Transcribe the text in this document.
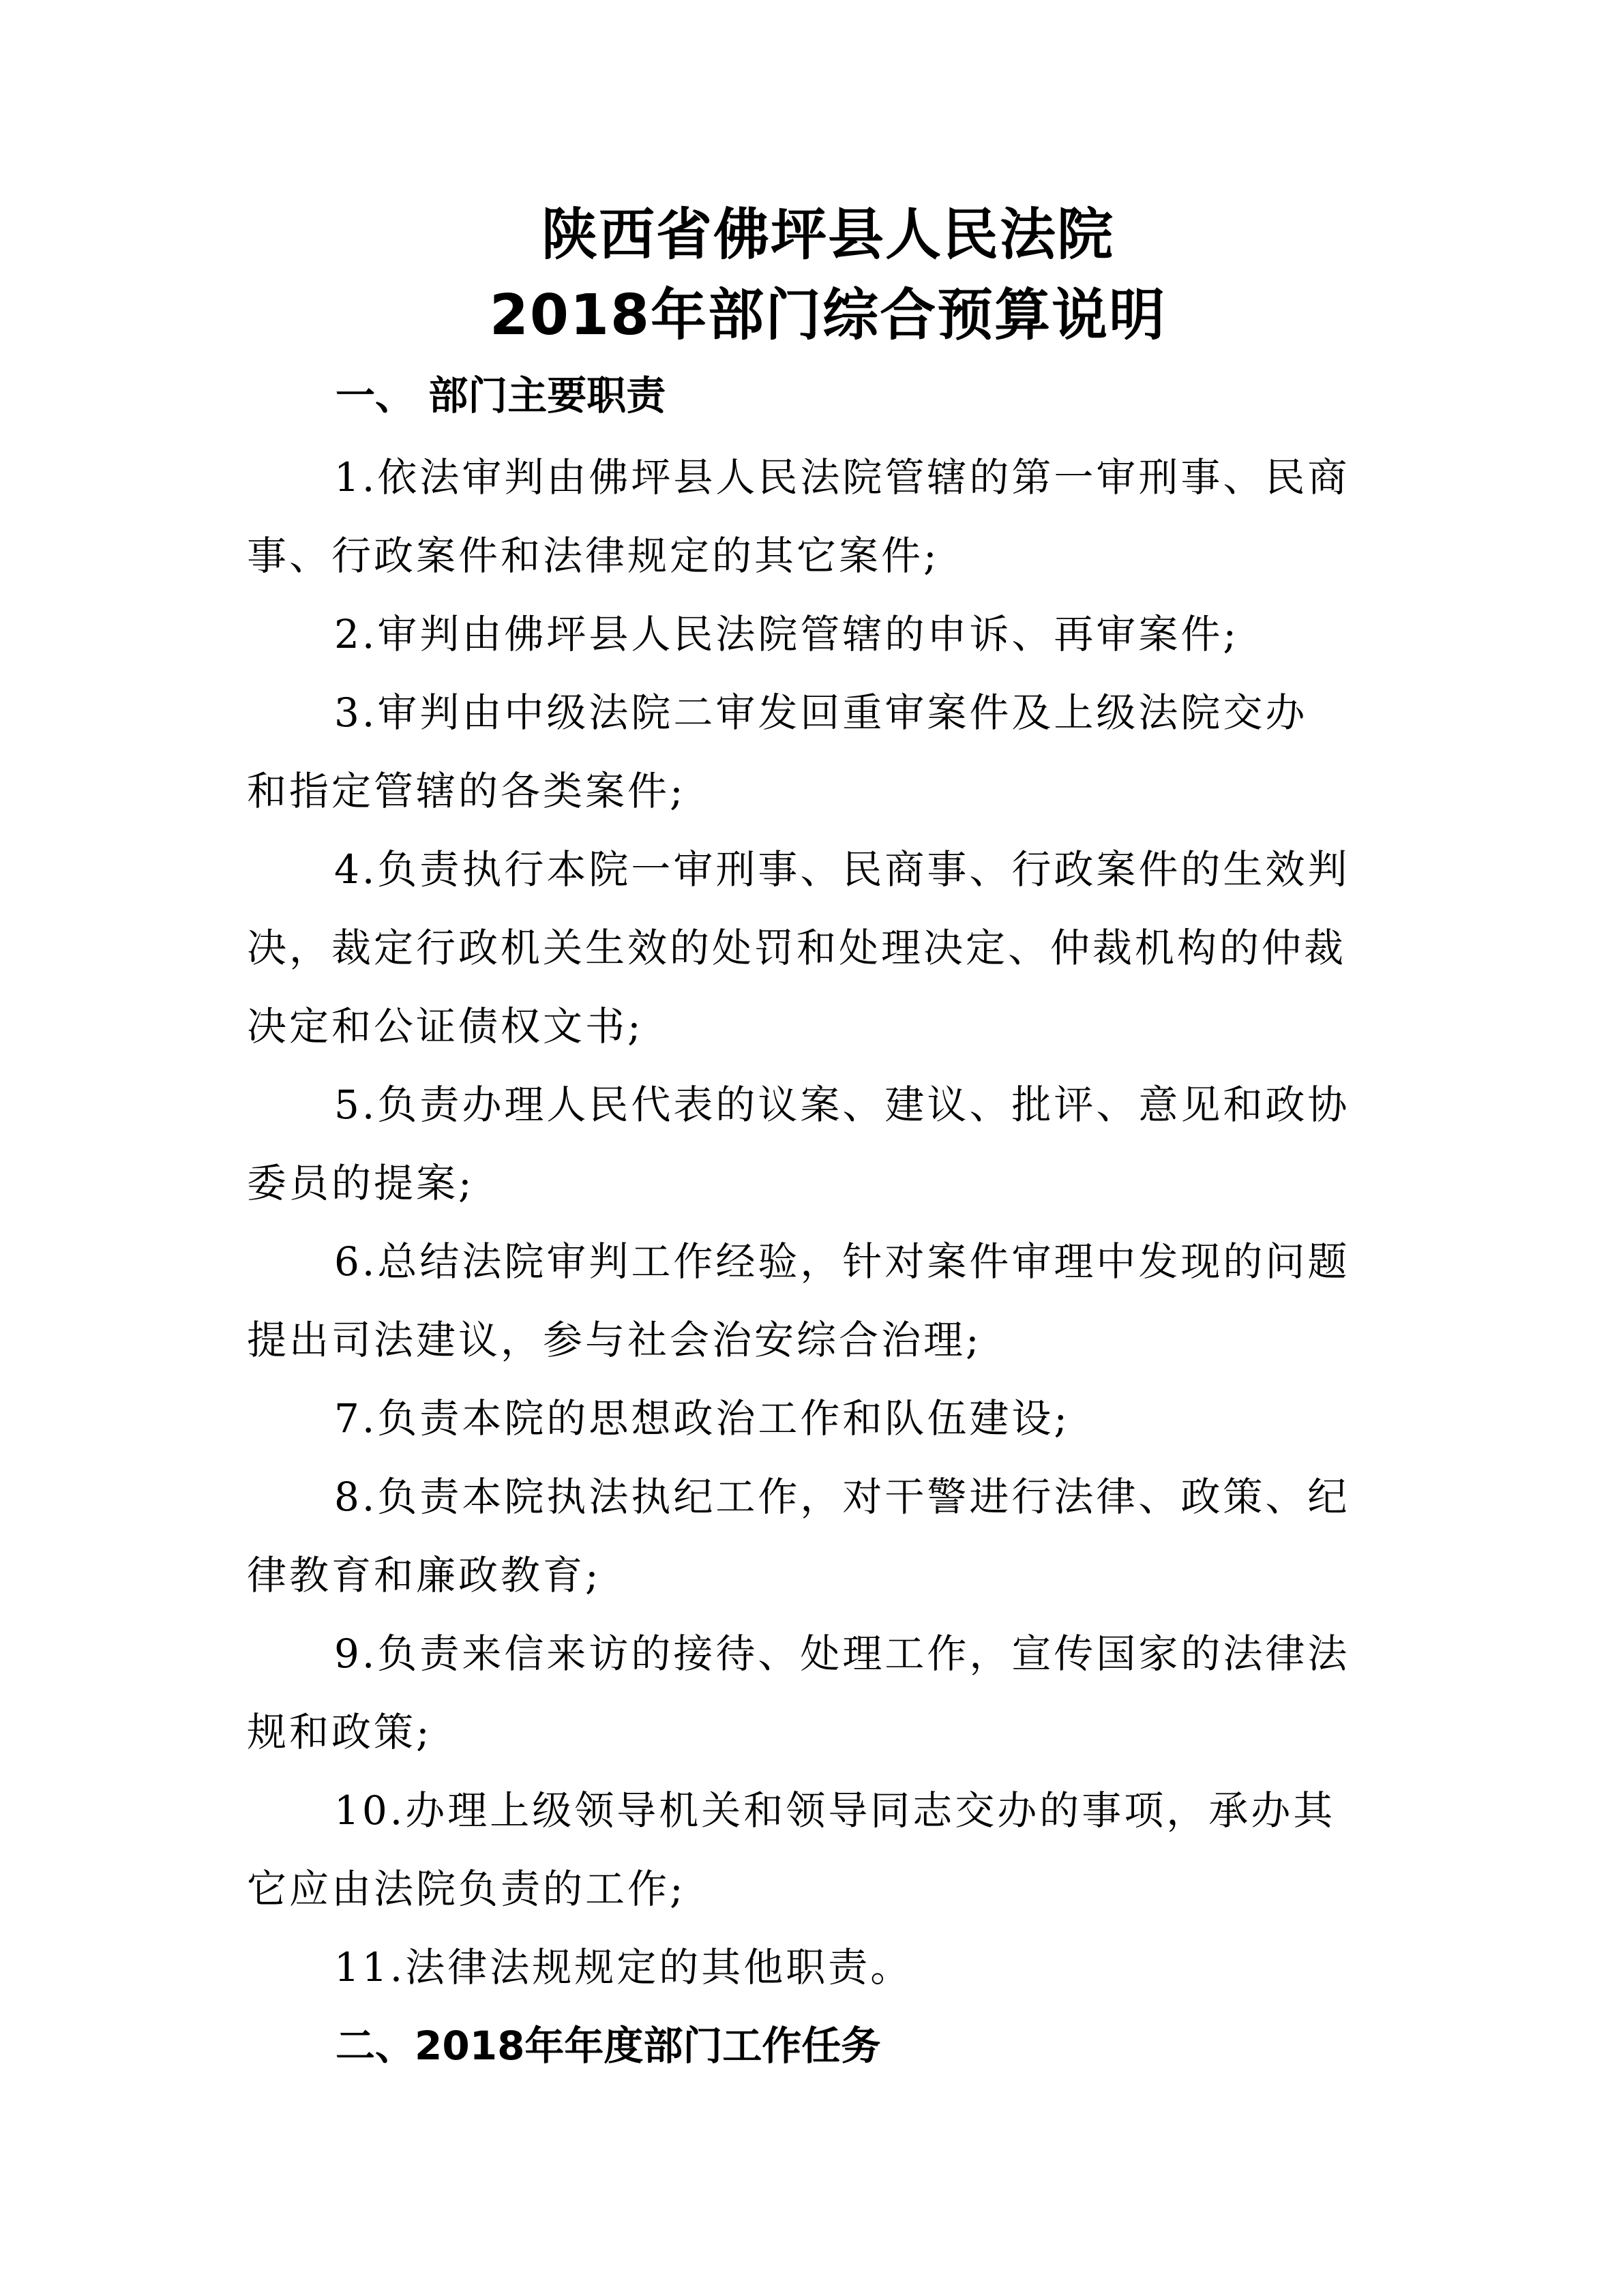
陕西省佛坪县人民法院
2018年部门综合预算说明
一、 部门主要职责
1.依法审判由佛坪县人民法院管辖的第一审刑事、民商
事、行政案件和法律规定的其它案件;
2.审判由佛坪县人民法院管辖的申诉、再审案件;
3.审判由中级法院二审发回重审案件及上级法院交办
和指定管辖的各类案件;
4.负责执行本院一审刑事、民商事、行政案件的生效判
决，裁定行政机关生效的处罚和处理决定、仲裁机构的仲裁
决定和公证债权文书;
5.负责办理人民代表的议案、建议、批评、意见和政协
委员的提案;
6.总结法院审判工作经验，针对案件审理中发现的问题
提出司法建议，参与社会治安综合治理;
7.负责本院的思想政治工作和队伍建设;
8.负责本院执法执纪工作，对干警进行法律、政策、纪
律教育和廉政教育;
9.负责来信来访的接待、处理工作，宣传国家的法律法
规和政策;
10.办理上级领导机关和领导同志交办的事项，承办其
它应由法院负责的工作;
11.法律法规规定的其他职责。
二、2018年年度部门工作任务
